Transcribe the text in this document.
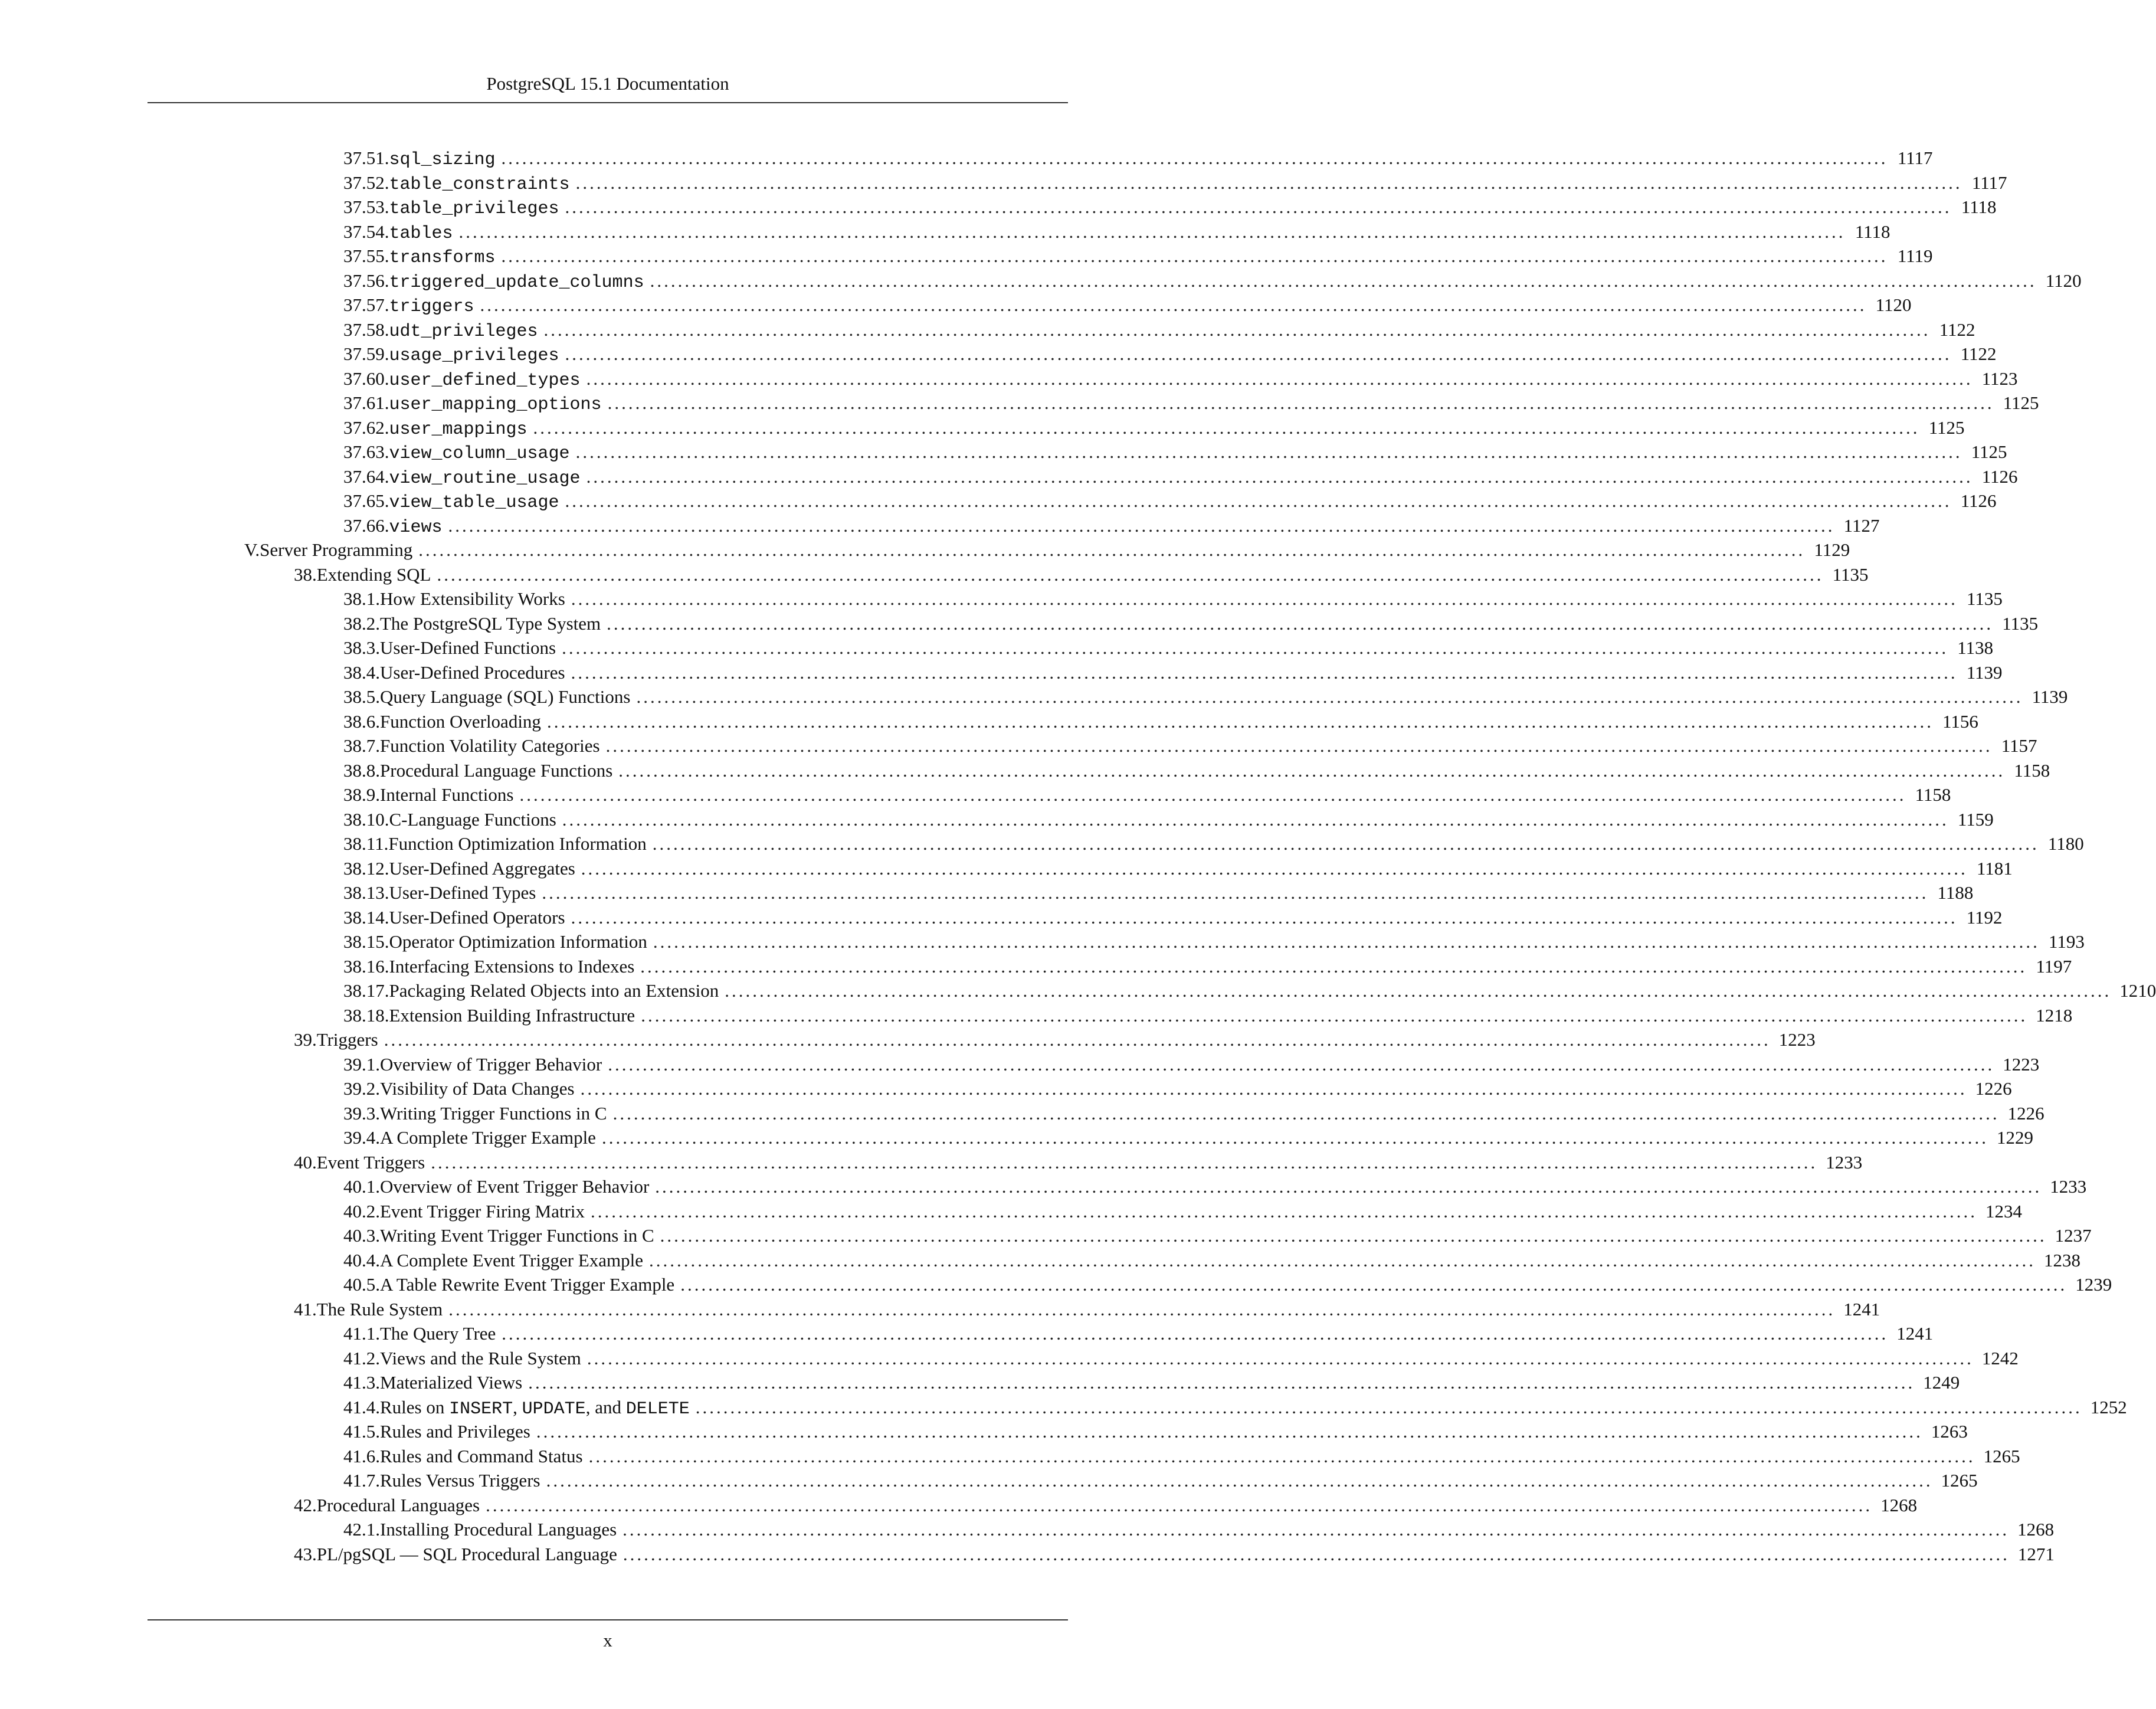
PostgreSQL 15.1 Documentation
37.51. sql_sizing ........................................................................................................................................................................................................ 1117
37.52. table_constraints ........................................................................................................................................................................................................ 1117
37.53. table_privileges ........................................................................................................................................................................................................ 1118
37.54. tables ........................................................................................................................................................................................................ 1118
37.55. transforms ........................................................................................................................................................................................................ 1119
37.56. triggered_update_columns ........................................................................................................................................................................................................ 1120
37.57. triggers ........................................................................................................................................................................................................ 1120
37.58. udt_privileges ........................................................................................................................................................................................................ 1122
37.59. usage_privileges ........................................................................................................................................................................................................ 1122
37.60. user_defined_types ........................................................................................................................................................................................................ 1123
37.61. user_mapping_options ........................................................................................................................................................................................................ 1125
37.62. user_mappings ........................................................................................................................................................................................................ 1125
37.63. view_column_usage ........................................................................................................................................................................................................ 1125
37.64. view_routine_usage ........................................................................................................................................................................................................ 1126
37.65. view_table_usage ........................................................................................................................................................................................................ 1126
37.66. views ........................................................................................................................................................................................................ 1127
V. Server Programming ........................................................................................................................................................................................................ 1129
38. Extending SQL ........................................................................................................................................................................................................ 1135
38.1. How Extensibility Works ........................................................................................................................................................................................................ 1135
38.2. The PostgreSQL Type System ........................................................................................................................................................................................................ 1135
38.3. User-Defined Functions ........................................................................................................................................................................................................ 1138
38.4. User-Defined Procedures ........................................................................................................................................................................................................ 1139
38.5. Query Language (SQL) Functions ........................................................................................................................................................................................................ 1139
38.6. Function Overloading ........................................................................................................................................................................................................ 1156
38.7. Function Volatility Categories ........................................................................................................................................................................................................ 1157
38.8. Procedural Language Functions ........................................................................................................................................................................................................ 1158
38.9. Internal Functions ........................................................................................................................................................................................................ 1158
38.10. C-Language Functions ........................................................................................................................................................................................................ 1159
38.11. Function Optimization Information ........................................................................................................................................................................................................ 1180
38.12. User-Defined Aggregates ........................................................................................................................................................................................................ 1181
38.13. User-Defined Types ........................................................................................................................................................................................................ 1188
38.14. User-Defined Operators ........................................................................................................................................................................................................ 1192
38.15. Operator Optimization Information ........................................................................................................................................................................................................ 1193
38.16. Interfacing Extensions to Indexes ........................................................................................................................................................................................................ 1197
38.17. Packaging Related Objects into an Extension ........................................................................................................................................................................................................ 1210
38.18. Extension Building Infrastructure ........................................................................................................................................................................................................ 1218
39. Triggers ........................................................................................................................................................................................................ 1223
39.1. Overview of Trigger Behavior ........................................................................................................................................................................................................ 1223
39.2. Visibility of Data Changes ........................................................................................................................................................................................................ 1226
39.3. Writing Trigger Functions in C ........................................................................................................................................................................................................ 1226
39.4. A Complete Trigger Example ........................................................................................................................................................................................................ 1229
40. Event Triggers ........................................................................................................................................................................................................ 1233
40.1. Overview of Event Trigger Behavior ........................................................................................................................................................................................................ 1233
40.2. Event Trigger Firing Matrix ........................................................................................................................................................................................................ 1234
40.3. Writing Event Trigger Functions in C ........................................................................................................................................................................................................ 1237
40.4. A Complete Event Trigger Example ........................................................................................................................................................................................................ 1238
40.5. A Table Rewrite Event Trigger Example ........................................................................................................................................................................................................ 1239
41. The Rule System ........................................................................................................................................................................................................ 1241
41.1. The Query Tree ........................................................................................................................................................................................................ 1241
41.2. Views and the Rule System ........................................................................................................................................................................................................ 1242
41.3. Materialized Views ........................................................................................................................................................................................................ 1249
41.4. Rules on INSERT, UPDATE, and DELETE ........................................................................................................................................................................................................ 1252
41.5. Rules and Privileges ........................................................................................................................................................................................................ 1263
41.6. Rules and Command Status ........................................................................................................................................................................................................ 1265
41.7. Rules Versus Triggers ........................................................................................................................................................................................................ 1265
42. Procedural Languages ........................................................................................................................................................................................................ 1268
42.1. Installing Procedural Languages ........................................................................................................................................................................................................ 1268
43. PL/pgSQL — SQL Procedural Language ........................................................................................................................................................................................................ 1271
x
